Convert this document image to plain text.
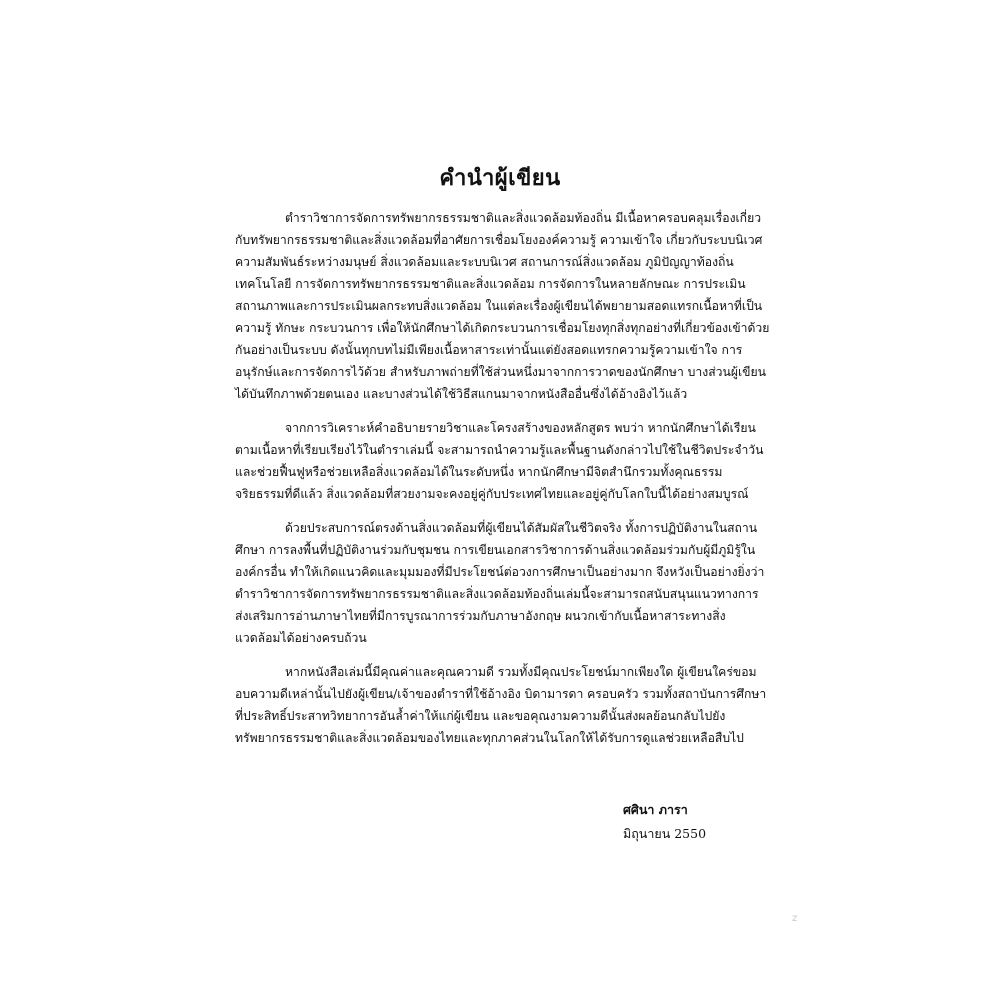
คำนำผู้เขียน

ตำราวิชาการจัดการทรัพยากรธรรมชาติและสิ่งแวดล้อมท้องถิ่น มีเนื้อหาครอบคลุมเรื่องเกี่ยวกับทรัพยากรธรรมชาติและสิ่งแวดล้อมที่อาศัยการเชื่อมโยงองค์ความรู้ ความเข้าใจ เกี่ยวกับระบบนิเวศ ความสัมพันธ์ระหว่างมนุษย์ สิ่งแวดล้อมและระบบนิเวศ สถานการณ์สิ่งแวดล้อม ภูมิปัญญาท้องถิ่น เทคโนโลยี การจัดการทรัพยากรธรรมชาติและสิ่งแวดล้อม การจัดการในหลายลักษณะ การประเมินสถานภาพและการประเมินผลกระทบสิ่งแวดล้อม ในแต่ละเรื่องผู้เขียนได้พยายามสอดแทรกเนื้อหาที่เป็นความรู้ ทักษะ กระบวนการ เพื่อให้นักศึกษาได้เกิดกระบวนการเชื่อมโยงทุกสิ่งทุกอย่างที่เกี่ยวข้องเข้าด้วยกันอย่างเป็นระบบ ดังนั้นทุกบทไม่มีเพียงเนื้อหาสาระเท่านั้นแต่ยังสอดแทรกความรู้ความเข้าใจ การอนุรักษ์และการจัดการไว้ด้วย สำหรับภาพถ่ายที่ใช้ส่วนหนึ่งมาจากการวาดของนักศึกษา บางส่วนผู้เขียนได้บันทึกภาพด้วยตนเอง และบางส่วนได้ใช้วิธีสแกนมาจากหนังสืออื่นซึ่งได้อ้างอิงไว้แล้ว

จากการวิเคราะห์คำอธิบายรายวิชาและโครงสร้างของหลักสูตร พบว่า หากนักศึกษาได้เรียนตามเนื้อหาที่เรียบเรียงไว้ในตำราเล่มนี้ จะสามารถนำความรู้และพื้นฐานดังกล่าวไปใช้ในชีวิตประจำวันและช่วยฟื้นฟูหรือช่วยเหลือสิ่งแวดล้อมได้ในระดับหนึ่ง หากนักศึกษามีจิตสำนึกรวมทั้งคุณธรรมจริยธรรมที่ดีแล้ว สิ่งแวดล้อมที่สวยงามจะคงอยู่คู่กับประเทศไทยและอยู่คู่กับโลกใบนี้ได้อย่างสมบูรณ์

ด้วยประสบการณ์ตรงด้านสิ่งแวดล้อมที่ผู้เขียนได้สัมผัสในชีวิตจริง ทั้งการปฏิบัติงานในสถานศึกษา การลงพื้นที่ปฏิบัติงานร่วมกับชุมชน การเขียนเอกสารวิชาการด้านสิ่งแวดล้อมร่วมกับผู้มีภูมิรู้ในองค์กรอื่น ทำให้เกิดแนวคิดและมุมมองที่มีประโยชน์ต่อวงการศึกษาเป็นอย่างมาก จึงหวังเป็นอย่างยิ่งว่า ตำราวิชาการจัดการทรัพยากรธรรมชาติและสิ่งแวดล้อมท้องถิ่นเล่มนี้จะสามารถสนับสนุนแนวทางการส่งเสริมการอ่านภาษาไทยที่มีการบูรณาการร่วมกับภาษาอังกฤษ ผนวกเข้ากับเนื้อหาสาระทางสิ่งแวดล้อมได้อย่างครบถ้วน

หากหนังสือเล่มนี้มีคุณค่าและคุณความดี รวมทั้งมีคุณประโยชน์มากเพียงใด ผู้เขียนใคร่ขอมอบความดีเหล่านั้นไปยังผู้เขียน/เจ้าของตำราที่ใช้อ้างอิง บิดามารดา ครอบครัว รวมทั้งสถาบันการศึกษาที่ประสิทธิ์ประสาทวิทยาการอันล้ำค่าให้แก่ผู้เขียน และขอคุณงามความดีนั้นส่งผลย้อนกลับไปยังทรัพยากรธรรมชาติและสิ่งแวดล้อมของไทยและทุกภาคส่วนในโลกให้ได้รับการดูแลช่วยเหลือสืบไป

ศศินา ภารา
มิถุนายน 2550
z
